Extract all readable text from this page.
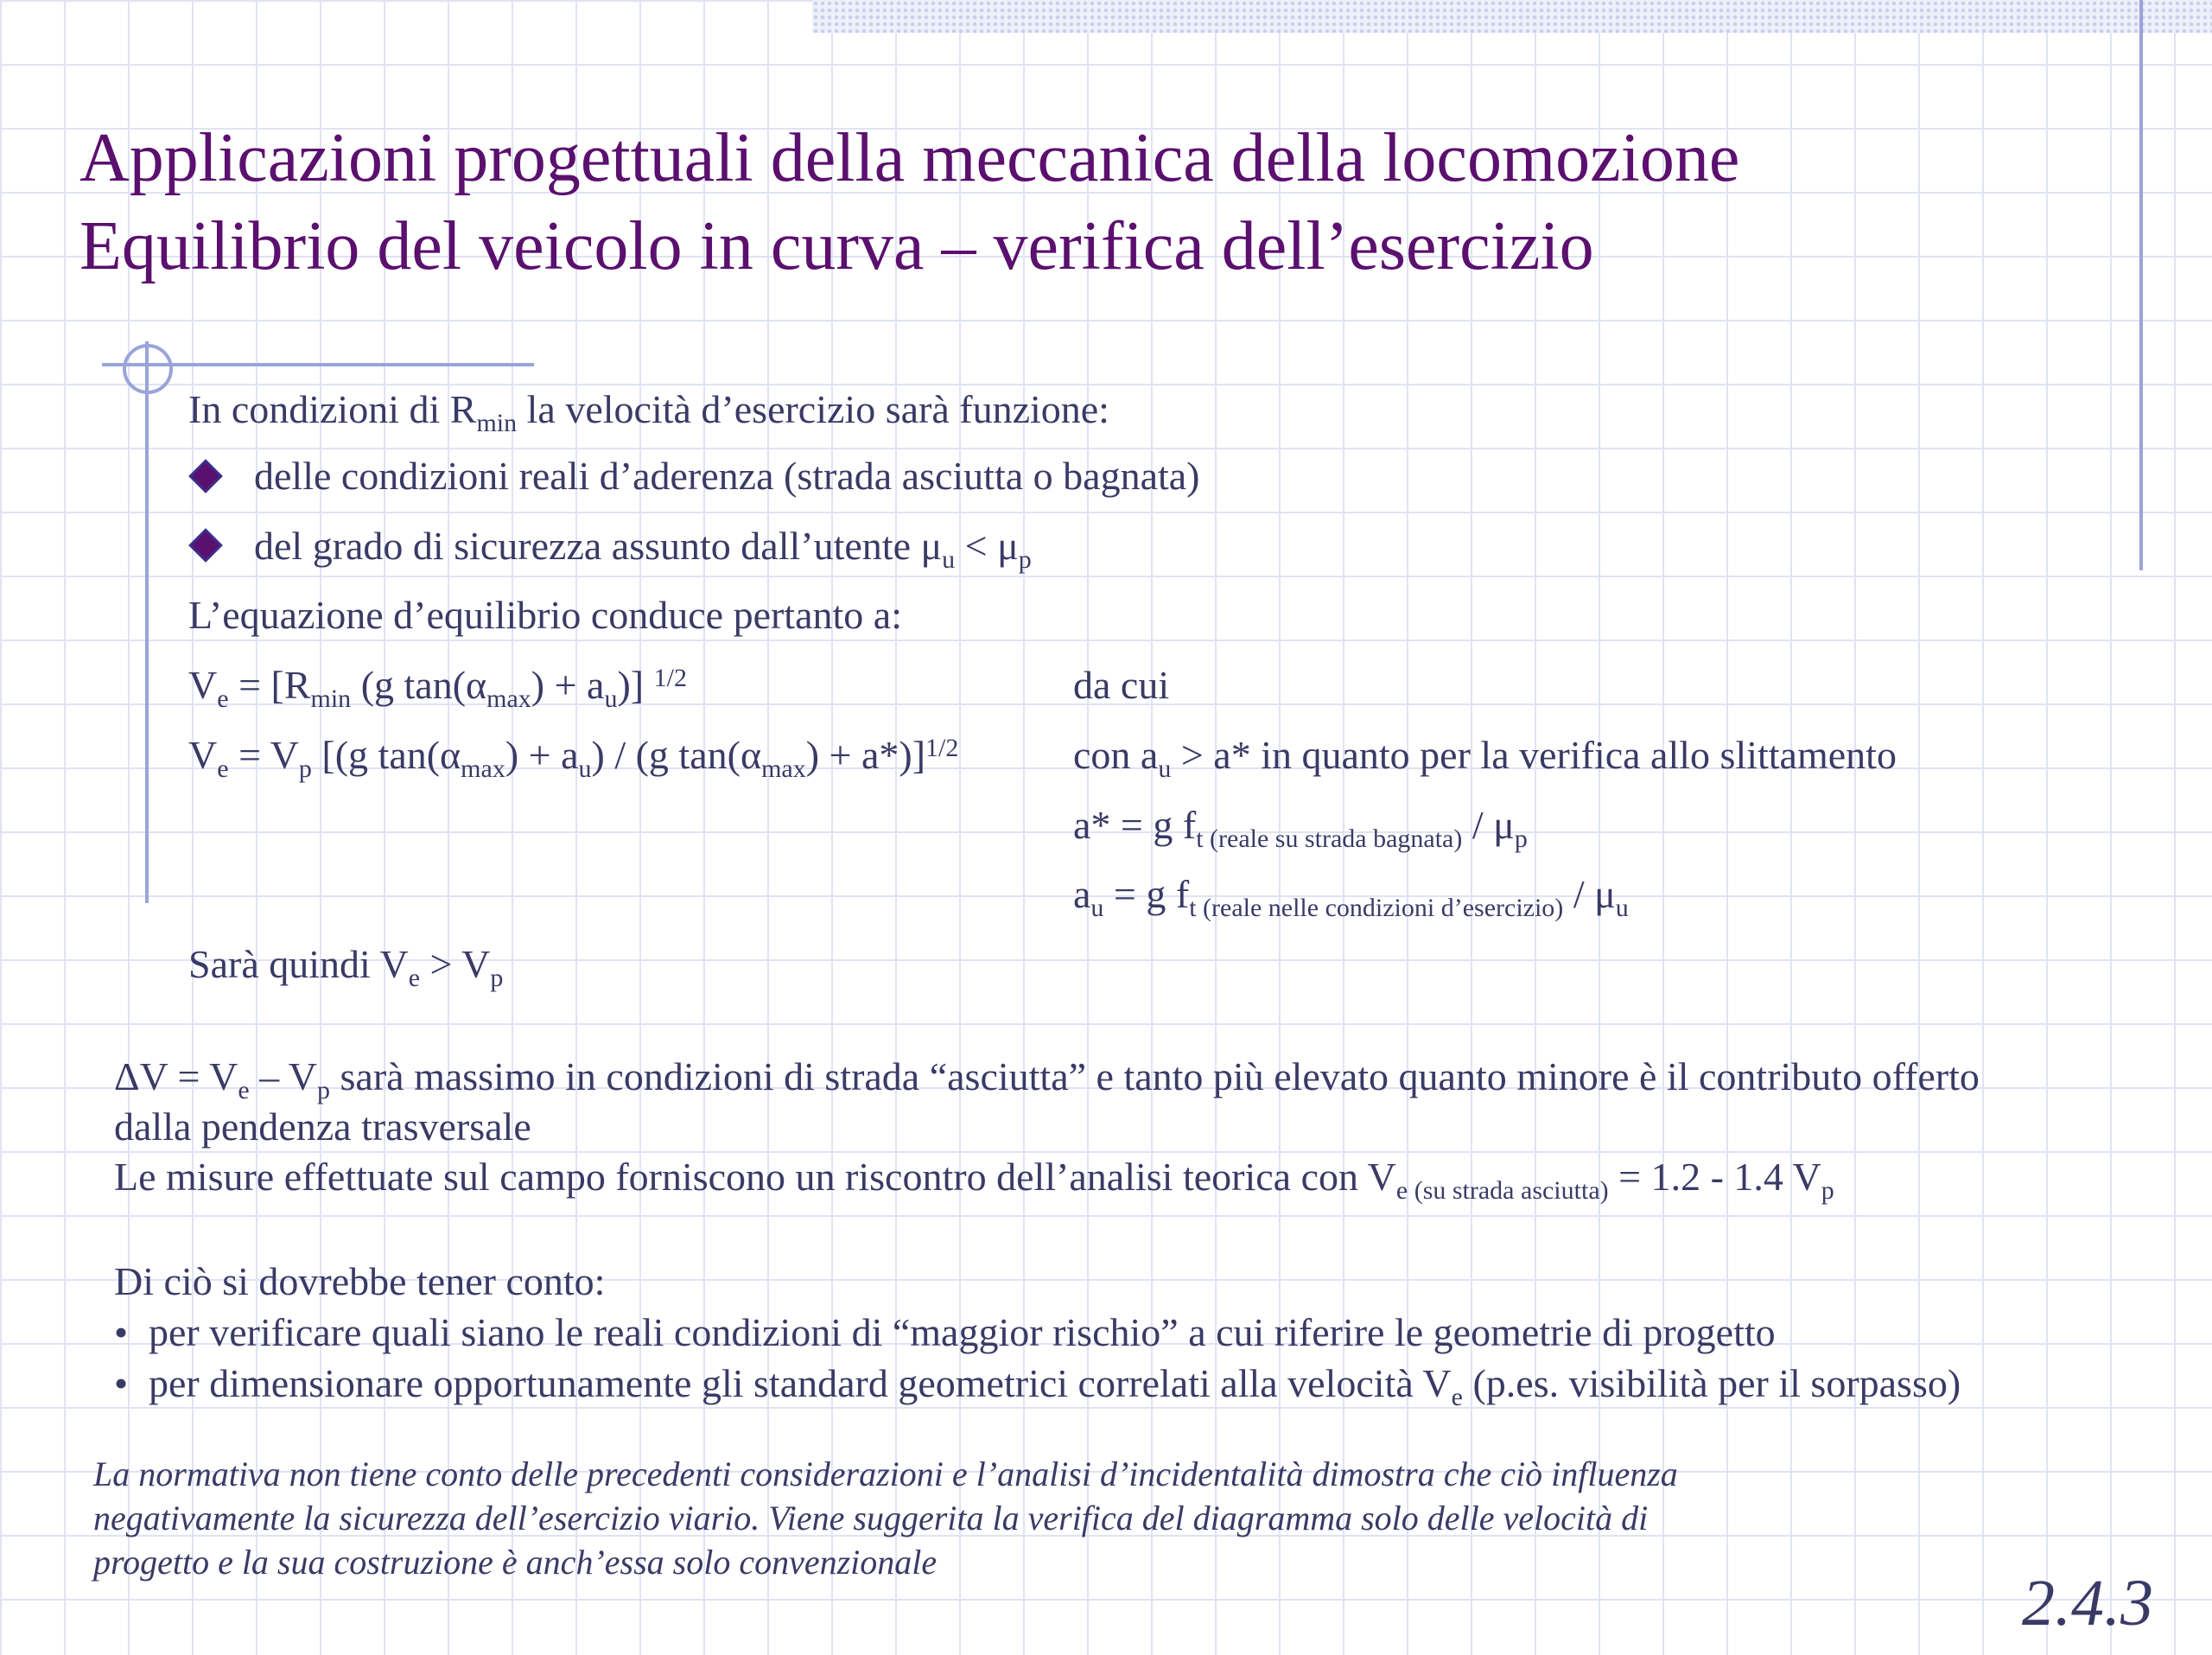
Applicazioni progettuali della meccanica della locomozione
Equilibrio del veicolo in curva – verifica dell’esercizio

In condizioni di $R_{min}$ la velocità d’esercizio sarà funzione:

delle condizioni reali d’aderenza (strada asciutta o bagnata)

del grado di sicurezza assunto dall’utente $\mu_u < \mu_p$

L’equazione d’equilibrio conduce pertanto a:

$V_e = [R_{min}$ (g $\tan(\alpha_{max}) + a_u$)] $^{1/2}$	da cui

$V_e = V_p$ [(g $\tan(\alpha_{max}) + a_u) / (g$ $\tan(\alpha_{max}) + a*)]^{1/2}$	con $a_u > a*$ in quanto per la verifica allo slittamento

a* = g $f_{t (reale su strada bagnata)} / \mu_p$

$a_u = g$ $f_{t (reale nelle condizioni d’esercizio)} / \mu_u$

Sarà quindi $V_e > V_p$

$\Delta V = V_e - V_p$ sarà massimo in condizioni di strada “asciutta” e tanto più elevato quanto minore è il contributo offerto

dalla pendenza trasversale

Le misure effettuate sul campo forniscono un riscontro dell’analisi teorica con $V_{e (su strada asciutta)} = 1.2 - 1.4$ $V_p$

Di ciò si dovrebbe tener conto:

• per verificare quali siano le reali condizioni di “maggior rischio” a cui riferire le geometrie di progetto

• per dimensionare opportunamente gli standard geometrici correlati alla velocità $V_e$ (p.es. visibilità per il sorpasso)

La normativa non tiene conto delle precedenti considerazioni e l’analisi d’incidentalità dimostra che ciò influenza
negativamente la sicurezza dell’esercizio viario. Viene suggerita la verifica del diagramma solo delle velocità di
progetto e la sua costruzione è anch’essa solo convenzionale

2.4.3
